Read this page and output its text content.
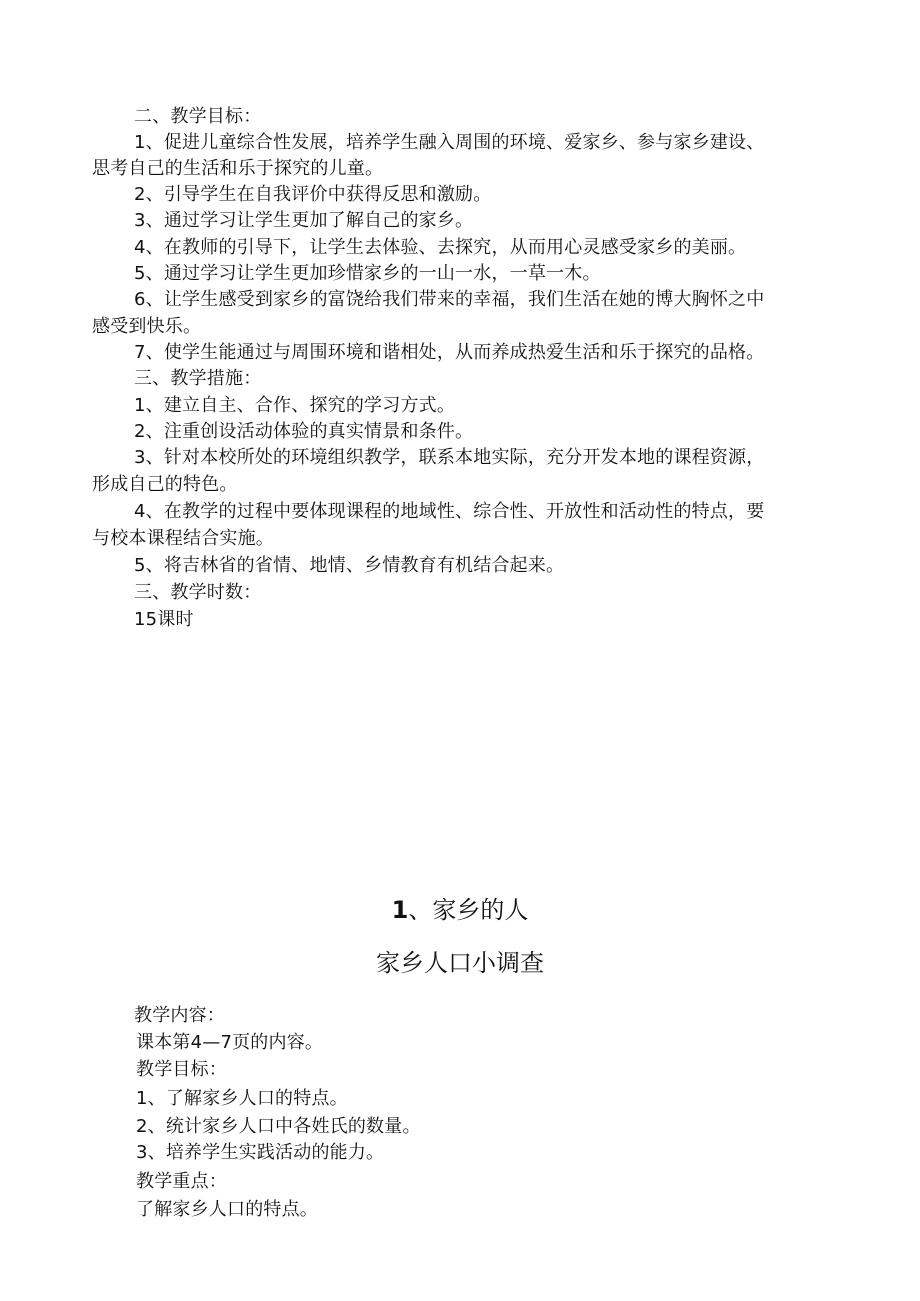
二、教学目标：
1、促进儿童综合性发展，培养学生融入周围的环境、爱家乡、参与家乡建设、
思考自己的生活和乐于探究的儿童。
2、引导学生在自我评价中获得反思和激励。
3、通过学习让学生更加了解自己的家乡。
4、在教师的引导下，让学生去体验、去探究，从而用心灵感受家乡的美丽。
5、通过学习让学生更加珍惜家乡的一山一水，一草一木。
6、让学生感受到家乡的富饶给我们带来的幸福，我们生活在她的博大胸怀之中
感受到快乐。
7、使学生能通过与周围环境和谐相处，从而养成热爱生活和乐于探究的品格。
三、教学措施：
1、建立自主、合作、探究的学习方式。
2、注重创设活动体验的真实情景和条件。
3、针对本校所处的环境组织教学，联系本地实际，充分开发本地的课程资源，
形成自己的特色。
4、在教学的过程中要体现课程的地域性、综合性、开放性和活动性的特点，要
与校本课程结合实施。
5、将吉林省的省情、地情、乡情教育有机结合起来。
三、教学时数：
15课时
1、家乡的人
家乡人口小调查
教学内容：
课本第4—7页的内容。
教学目标：
1、了解家乡人口的特点。
2、统计家乡人口中各姓氏的数量。
3、培养学生实践活动的能力。
教学重点：
了解家乡人口的特点。
